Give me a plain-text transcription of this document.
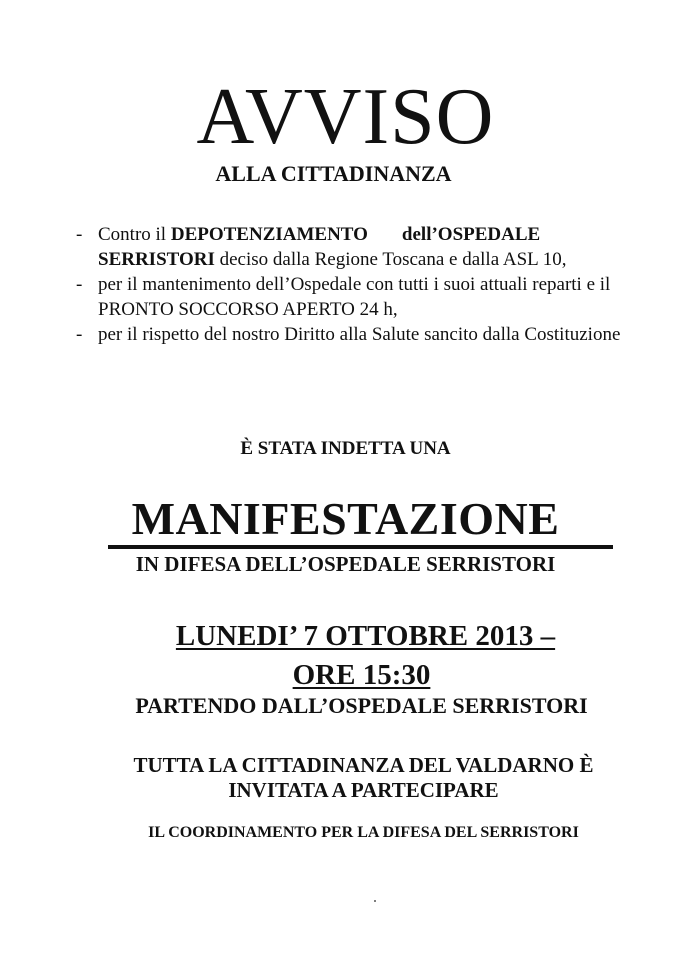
AVVISO
ALLA CITTADINANZA
- Contro il DEPOTENZIAMENTO dell’OSPEDALE SERRISTORI deciso dalla Regione Toscana e dalla ASL 10,
- per il mantenimento dell’Ospedale con tutti i suoi attuali reparti e il PRONTO SOCCORSO APERTO 24 h,
- per il rispetto del nostro Diritto alla Salute sancito dalla Costituzione
È STATA INDETTA UNA
MANIFESTAZIONE
IN DIFESA DELL’OSPEDALE SERRISTORI
LUNEDI’ 7 OTTOBRE 2013 –
ORE 15:30
PARTENDO DALL’OSPEDALE SERRISTORI
TUTTA LA CITTADINANZA DEL VALDARNO È
INVITATA A PARTECIPARE
IL COORDINAMENTO PER LA DIFESA DEL SERRISTORI
